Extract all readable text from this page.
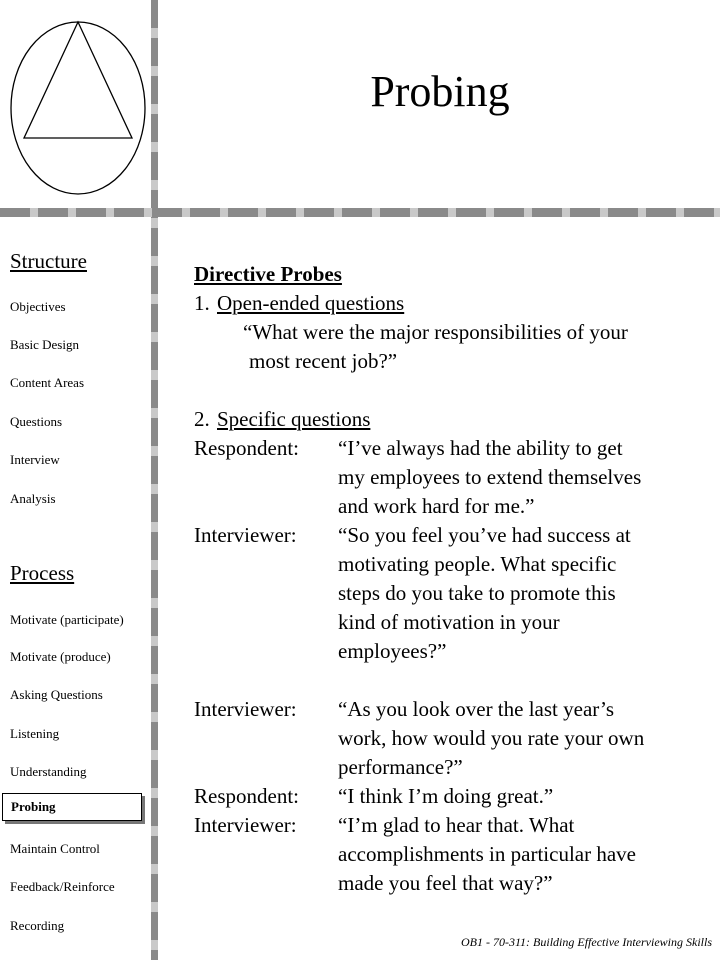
Probing
Structure
Objectives
Basic Design
Content Areas
Questions
Interview
Analysis
Process
Motivate (participate)
Motivate (produce)
Asking Questions
Listening
Understanding
Probing
Maintain Control
Feedback/Reinforce
Recording
Directive Probes
1. Open-ended questions
“What were the major responsibilities of your
most recent job?”
2. Specific questions
Respondent: “I’ve always had the ability to get
my employees to extend themselves
and work hard for me.”
Interviewer: “So you feel you’ve had success at
motivating people. What specific
steps do you take to promote this
kind of motivation in your
employees?”
Interviewer: “As you look over the last year’s
work, how would you rate your own
performance?”
Respondent: “I think I’m doing great.”
Interviewer: “I’m glad to hear that. What
accomplishments in particular have
made you feel that way?”
OB1 - 70-311: Building Effective Interviewing Skills
